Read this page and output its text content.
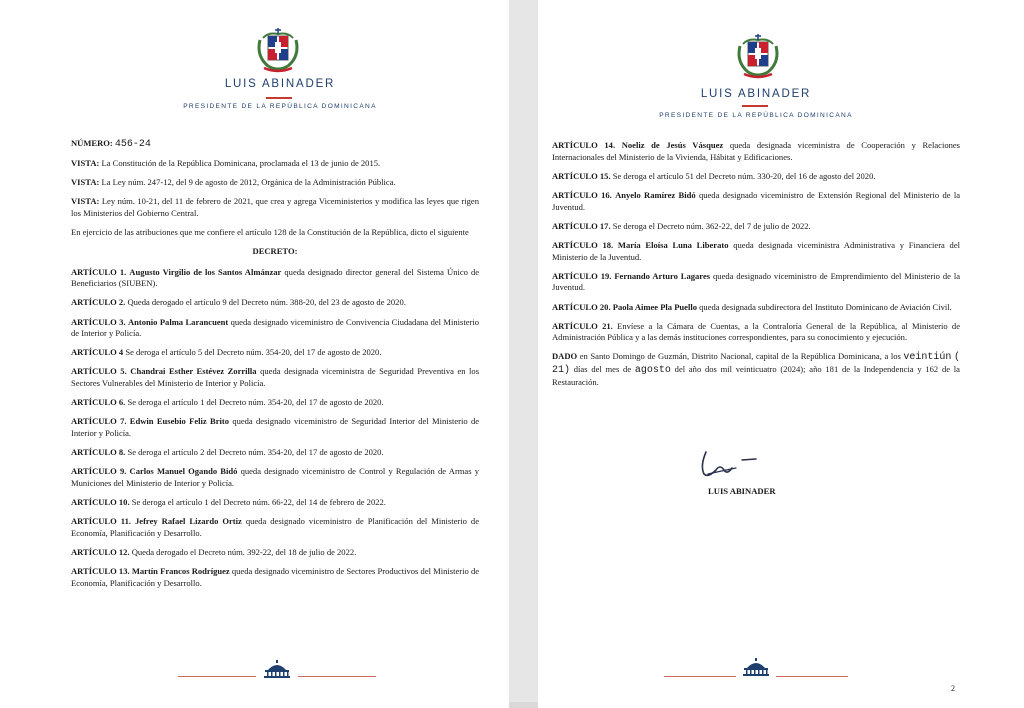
LUIS ABINADER
PRESIDENTE DE LA REPÚBLICA DOMINICANA

NÚMERO: 456-24

VISTA: La Constitución de la República Dominicana, proclamada el 13 de junio de 2015.

VISTA: La Ley núm. 247-12, del 9 de agosto de 2012, Orgánica de la Administración Pública.

VISTA: Ley núm. 10-21, del 11 de febrero de 2021, que crea y agrega Viceministerios y modifica las leyes que rigen los Ministerios del Gobierno Central.

En ejercicio de las atribuciones que me confiere el artículo 128 de la Constitución de la República, dicto el siguiente

DECRETO:

ARTÍCULO 1. Augusto Virgilio de los Santos Almánzar queda designado director general del Sistema Único de Beneficiarios (SIUBEN).

ARTÍCULO 2. Queda derogado el artículo 9 del Decreto núm. 388-20, del 23 de agosto de 2020.

ARTÍCULO 3. Antonio Palma Larancuent queda designado viceministro de Convivencia Ciudadana del Ministerio de Interior y Policía.

ARTÍCULO 4 Se deroga el artículo 5 del Decreto núm. 354-20, del 17 de agosto de 2020.

ARTÍCULO 5. Chandrai Esther Estévez Zorrilla queda designada viceministra de Seguridad Preventiva en los Sectores Vulnerables del Ministerio de Interior y Policía.

ARTÍCULO 6. Se deroga el artículo 1 del Decreto núm. 354-20, del 17 de agosto de 2020.

ARTÍCULO 7. Edwin Eusebio Feliz Brito queda designado viceministro de Seguridad Interior del Ministerio de Interior y Policía.

ARTÍCULO 8. Se deroga el artículo 2 del Decreto núm. 354-20, del 17 de agosto de 2020.

ARTÍCULO 9. Carlos Manuel Ogando Bidó queda designado viceministro de Control y Regulación de Armas y Municiones del Ministerio de Interior y Policía.

ARTÍCULO 10. Se deroga el artículo 1 del Decreto núm. 66-22, del 14 de febrero de 2022.

ARTÍCULO 11. Jefrey Rafael Lizardo Ortiz queda designado viceministro de Planificación del Ministerio de Economía, Planificación y Desarrollo.

ARTÍCULO 12. Queda derogado el Decreto núm. 392-22, del 18 de julio de 2022.

ARTÍCULO 13. Martín Francos Rodríguez queda designado viceministro de Sectores Productivos del Ministerio de Economía, Planificación y Desarrollo.

LUIS ABINADER
PRESIDENTE DE LA REPÚBLICA DOMINICANA

ARTÍCULO 14. Noeliz de Jesús Vásquez queda designada viceministra de Cooperación y Relaciones Internacionales del Ministerio de la Vivienda, Hábitat y Edificaciones.

ARTÍCULO 15. Se deroga el artículo 51 del Decreto núm. 330-20, del 16 de agosto del 2020.

ARTÍCULO 16. Anyelo Ramírez Bidó queda designado viceministro de Extensión Regional del Ministerio de la Juventud.

ARTÍCULO 17. Se deroga el Decreto núm. 362-22, del 7 de julio de 2022.

ARTÍCULO 18. María Eloísa Luna Liberato queda designada viceministra Administrativa y Financiera del Ministerio de la Juventud.

ARTÍCULO 19. Fernando Arturo Lagares queda designado viceministro de Emprendimiento del Ministerio de la Juventud.

ARTÍCULO 20. Paola Aimee Pla Puello queda designada subdirectora del Instituto Dominicano de Aviación Civil.

ARTÍCULO 21. Envíese a la Cámara de Cuentas, a la Contraloría General de la República, al Ministerio de Administración Pública y a las demás instituciones correspondientes, para su conocimiento y ejecución.

DADO en Santo Domingo de Guzmán, Distrito Nacional, capital de la República Dominicana, a los veintiún ( 21) días del mes de agosto del año dos mil veinticuatro (2024); año 181 de la Independencia y 162 de la Restauración.

LUIS ABINADER
2
